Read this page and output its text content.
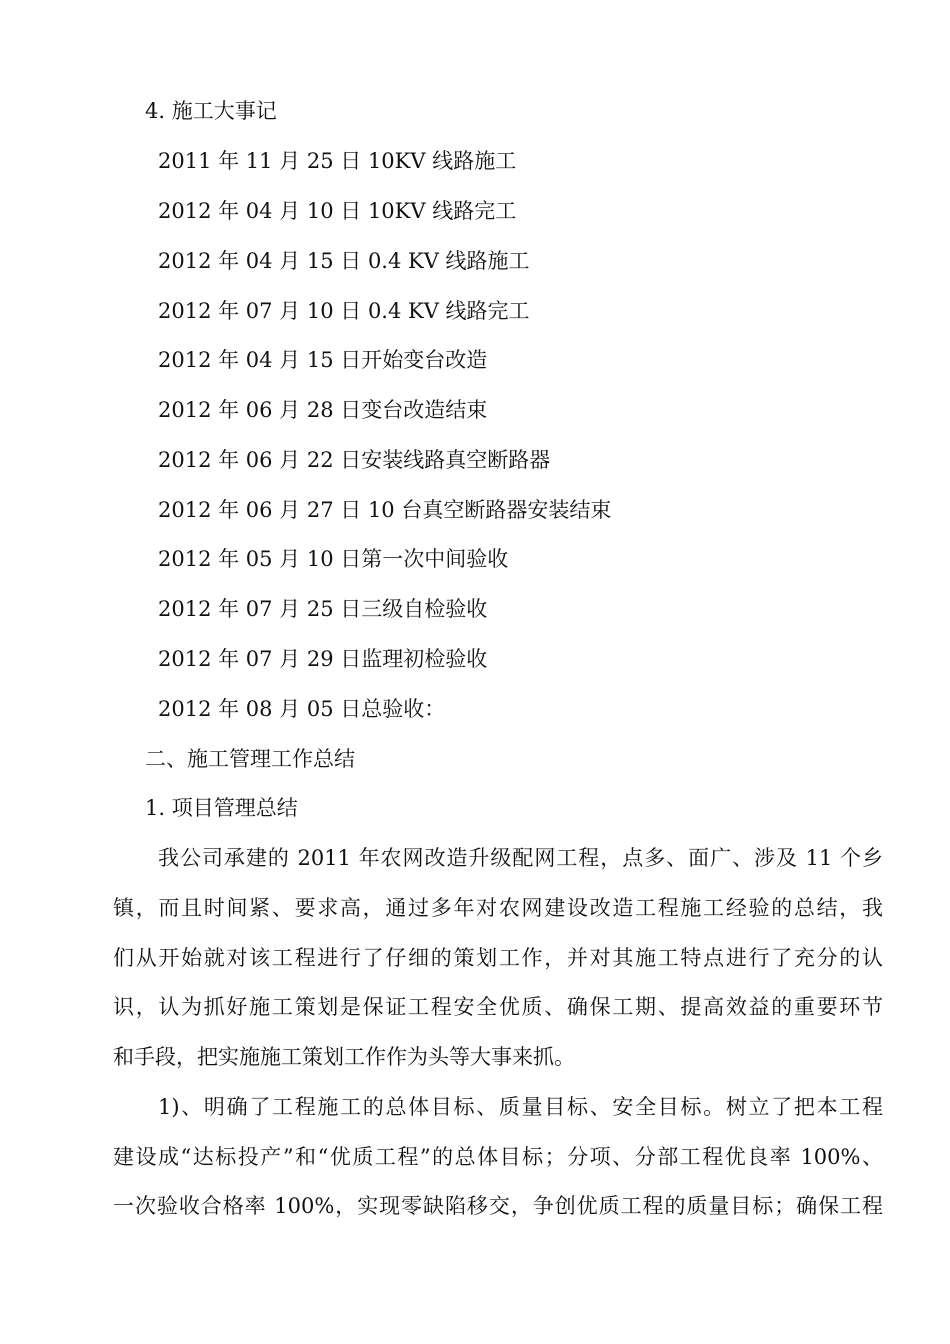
4. 施工大事记
2011 年 11 月 25 日 10KV 线路施工
2012 年 04 月 10 日 10KV 线路完工
2012 年 04 月 15 日 0.4 KV 线路施工
2012 年 07 月 10 日 0.4 KV 线路完工
2012 年 04 月 15 日开始变台改造
2012 年 06 月 28 日变台改造结束
2012 年 06 月 22 日安装线路真空断路器
2012 年 06 月 27 日 10 台真空断路器安装结束
2012 年 05 月 10 日第一次中间验收
2012 年 07 月 25 日三级自检验收
2012 年 07 月 29 日监理初检验收
2012 年 08 月 05 日总验收：
二、施工管理工作总结
1. 项目管理总结
我公司承建的 2011 年农网改造升级配网工程，点多、面广、涉及 11 个乡
镇，而且时间紧、要求高，通过多年对农网建设改造工程施工经验的总结，我
们从开始就对该工程进行了仔细的策划工作，并对其施工特点进行了充分的认
识，认为抓好施工策划是保证工程安全优质、确保工期、提高效益的重要环节
和手段，把实施施工策划工作作为头等大事来抓。
1)、明确了工程施工的总体目标、质量目标、安全目标。树立了把本工程
建设成“达标投产”和“优质工程”的总体目标；分项、分部工程优良率 100%、
一次验收合格率 100%，实现零缺陷移交，争创优质工程的质量目标；确保工程
